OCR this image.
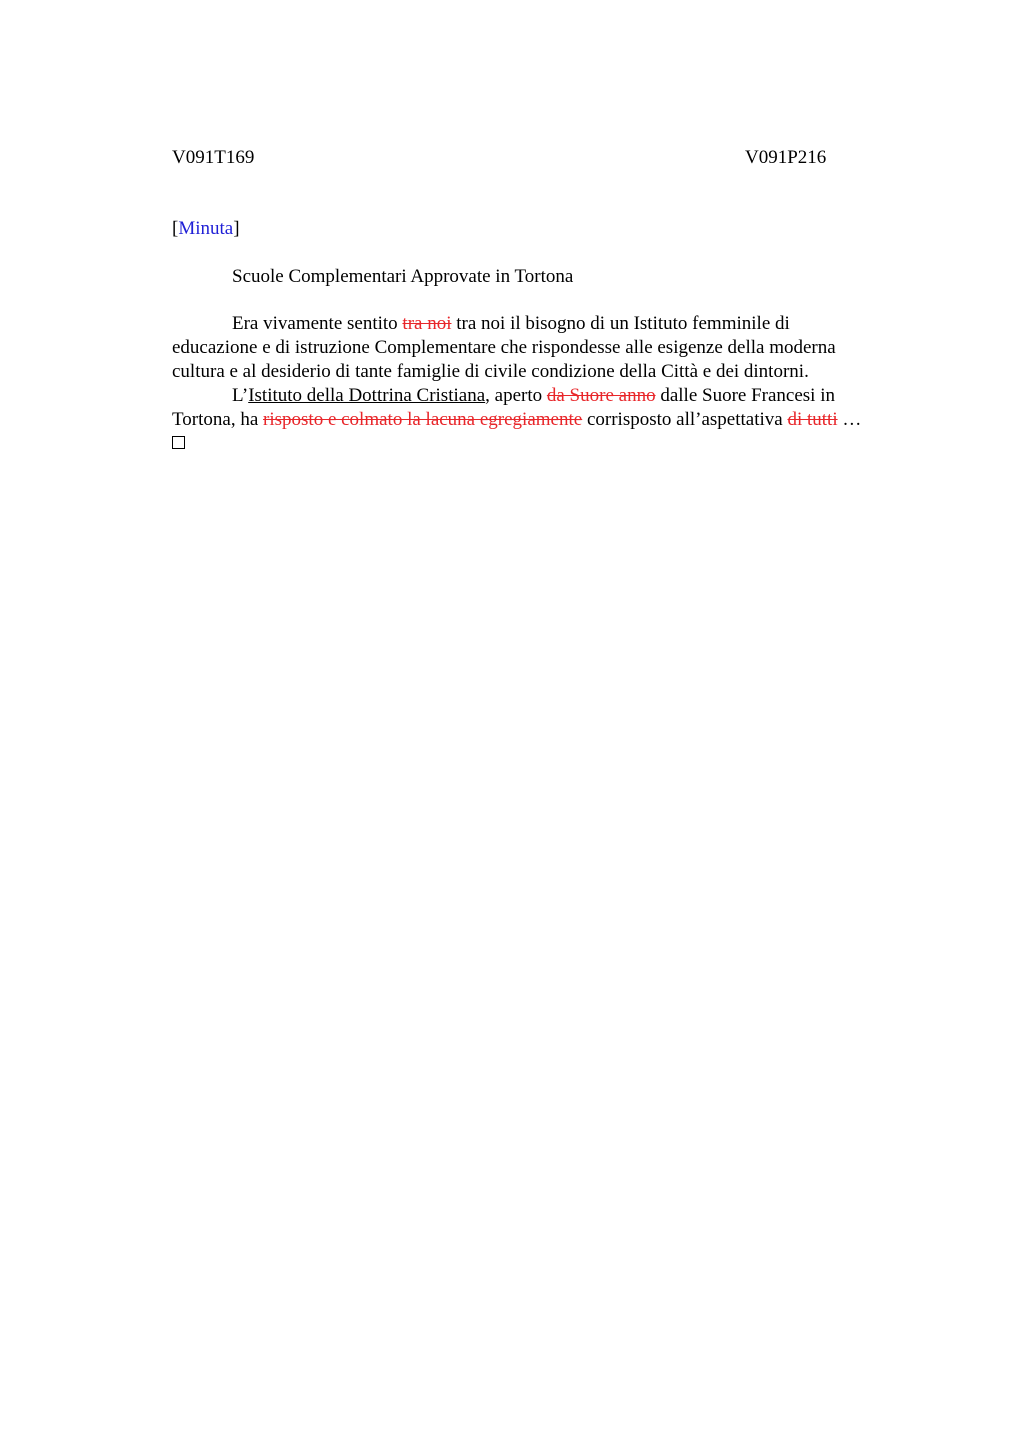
V091T169	V091P216
[Minuta]
Scuole Complementari Approvate in Tortona
Era vivamente sentito tra noi tra noi il bisogno di un Istituto femminile di
educazione e di istruzione Complementare che rispondesse alle esigenze della moderna
cultura e al desiderio di tante famiglie di civile condizione della Città e dei dintorni.
L’Istituto della Dottrina Cristiana, aperto da Suore anno dalle Suore Francesi in
Tortona, ha risposto e colmato la lacuna egregiamente corrisposto all’aspettativa di tutti …
